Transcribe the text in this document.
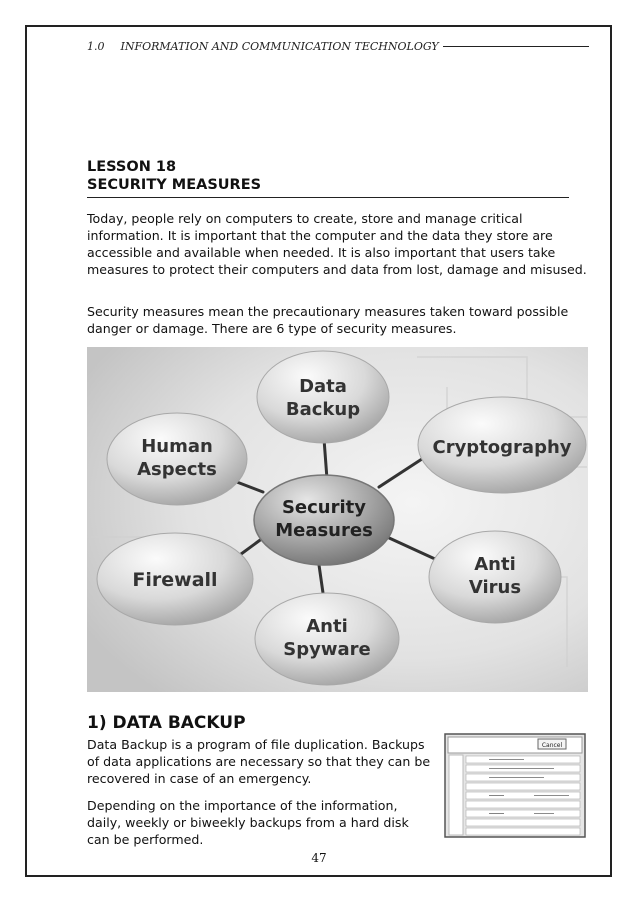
1.0 INFORMATION AND COMMUNICATION TECHNOLOGY
LESSON 18
SECURITY MEASURES

Today, people rely on computers to create, store and manage critical information. It is important that the computer and the data they store are accessible and available when needed. It is also important that users take measures to protect their computers and data from lost, damage and misused.

Security measures mean the precautionary measures taken toward possible danger or damage. There are 6 type of security measures.

Data
Backup
Cryptography
Anti
Virus
Anti
Spyware
Firewall
Human
Aspects
Security
Measures
1) DATA BACKUP

Data Backup is a program of file duplication. Backups of data applications are necessary so that they can be recovered in case of an emergency.

Depending on the importance of the information, daily, weekly or biweekly backups from a hard disk can be performed.

Cancel
47
